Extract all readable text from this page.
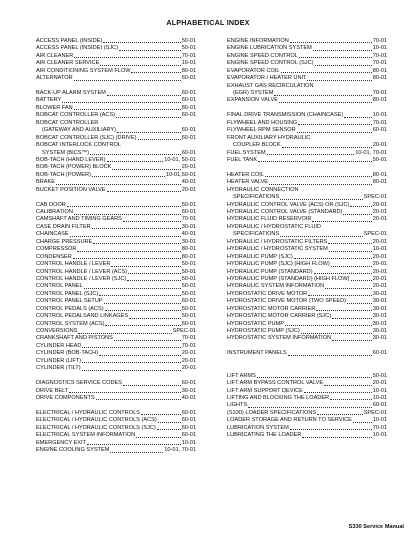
ALPHABETICAL INDEX
ACCESS PANEL (INSIDE)	50-01
ACCESS PANEL (INSIDE) (SJC)	50-01
AIR CLEANER	70-01
AIR CLEANER SERVICE	10-01
AIR CONDITIONING SYSTEM FLOW	80-01
ALTERNATOR	60-01
BACK-UP ALARM SYSTEM	60-01
BATTERY	60-01
BLOWER FAN	80-01
BOBCAT CONTROLLER (ACS)	60-01
BOBCAT CONTROLLER
(GATEWAY AND AUXILIARY)	60-01
BOBCAT CONTROLLER (SJC) (DRIVE)	60-01
BOBCAT INTERLOCK CONTROL
SYSTEM (BICS™)	60-01
BOB-TACH (HAND LEVER)	10-01, 50-01
BOB-TACH (POWER) BLOCK	20-01
BOB-TACH (POWER)	10-01,50-01
BRAKE	40-01
BUCKET POSITION VALVE	20-01
CAB DOOR	50-01
CALIBRATION	60-01
CAMSHAFT AND TIMING GEARS	70-01
CASE DRAIN FILTER	30-01
CHAINCASE	40-01
CHARGE PRESSURE	30-01
COMPRESSOR	80-01
CONDENSER	80-01
CONTROL HANDLE / LEVER	50-01
CONTROL HANDLE / LEVER (ACS)	50-01
CONTROL HANDLE / LEVER (SJC)	50-01
CONTROL PANEL	50-01
CONTROL PANEL (SJC)	50-01
CONTROL PANEL SETUP	60-01
CONTROL PEDALS (ACS)	50-01
CONTROL PEDALSAND LINKAGES	50-01
CONTROL SYSTEM (ACS)	60-01
CONVERSIONS	SPEC-01
CRANKSHAFT AND PISTONS	70-01
CYLINDER HEAD	70-01
CYLINDER (BOB-TACH)	20-01
CYLINDER (LIFT)	20-01
CYLINDER (TILT)	20-01
DIAGNOSTICS SERVICE CODES	60-01
DRIVE BELT	30-01
DRIVE COMPONENTS	40-01
ELECTRICAL / HYDRAULIC CONTROLS	60-01
ELECTRICAL / HYDRAULIC CONTROLS (ACS)	60-01
ELECTRICAL / HYDRAULIC CONTROLS (SJC)	60-01
ELECTRICAL SYSTEM INFORMATION	60-01
EMERGENCY EXIT	10-01
ENGINE COOLING SYSTEM	10-01, 70-01
ENGINE INFORMATION	70-01
ENGINE LUBRICATION SYSTEM	10-01
ENGINE SPEED CONTROL	70-01
ENGINE SPEED CONTROL (SJC)	70-01
EVAPORATOR COIL	80-01
EVAPORATOR / HEATER UNIT	80-01
EXHAUST GAS RECIRCULATION
(EGR) SYSTEM	70-01
EXPANSION VALVE	80-01
FINAL DRIVE TRANSMISSION (CHAINCASE)	10-01
FLYWHEEL AND HOUSING	70-01
FLYWHEEL RPM SENSOR	60-01
FRONT AUXILIARY HYDRAULIC
COUPLER BLOCK	20-01
FUEL SYSTEM	10-01, 70-01
FUEL TANK	50-01
HEATER COIL	80-01
HEATER VALVE	80-01
HYDRAULIC CONNECTION
SPECIFICATIONS	SPEC-01
HYDRAULIC CONTROL VALVE (ACS) OR (SJC)	20-01
HYDRAULIC CONTROL VALVE (STANDARD)	20-01
HYDRAULIC FLUID RESERVOIR	20-01
HYDRAULIC / HYDROSTATIC FLUID
SPECIFICATIONS	SPEC-01
HYDRAULIC / HYDROSTATIC FILTERS	20-01
HYDRAULIC / HYDROSTATIC SYSTEM	10-01
HYDRAULIC PUMP (SJC)	20-01
HYDRAULIC PUMP (SJC) (HIGH FLOW)	20-01
HYDRAULIC PUMP (STANDARD)	20-01
HYDRAULIC PUMP (STANDARD) (HIGH FLOW)	20-01
HYDRAULIC SYSTEM INFORMATION	20-01
HYDROSTATIC DRIVE MOTOR	30-01
HYDROSTATIC DRIVE MOTOR (TWO SPEED)	30-01
HYDROSTATIC MOTOR CARRIER	30-01
HYDROSTATIC MOTOR CARRIER (SJC)	30-01
HYDROSTATIC PUMP	30-01
HYDROSTATIC PUMP (SJC)	30-01
HYDROSTATIC SYSTEM INFORMATION	30-01
INSTRUMENT PANELS	60-01
LIFT ARMS	50-01
LIFT ARM BYPASS CONTROL VALVE	20-01
LIFT ARM SUPPORT DEVICE	10-01
LIFTING AND BLOCKING THE LOADER	10-01
LIGHTS	60-01
(S330) LOADER SPECIFICATIONS	SPEC-01
LOADER STORAGE AND RETURN TO SERVICE	10-01
LUBRICATION SYSTEM	70-01
LUBRICATING THE LOADER	10-01
S330 Service Manual
